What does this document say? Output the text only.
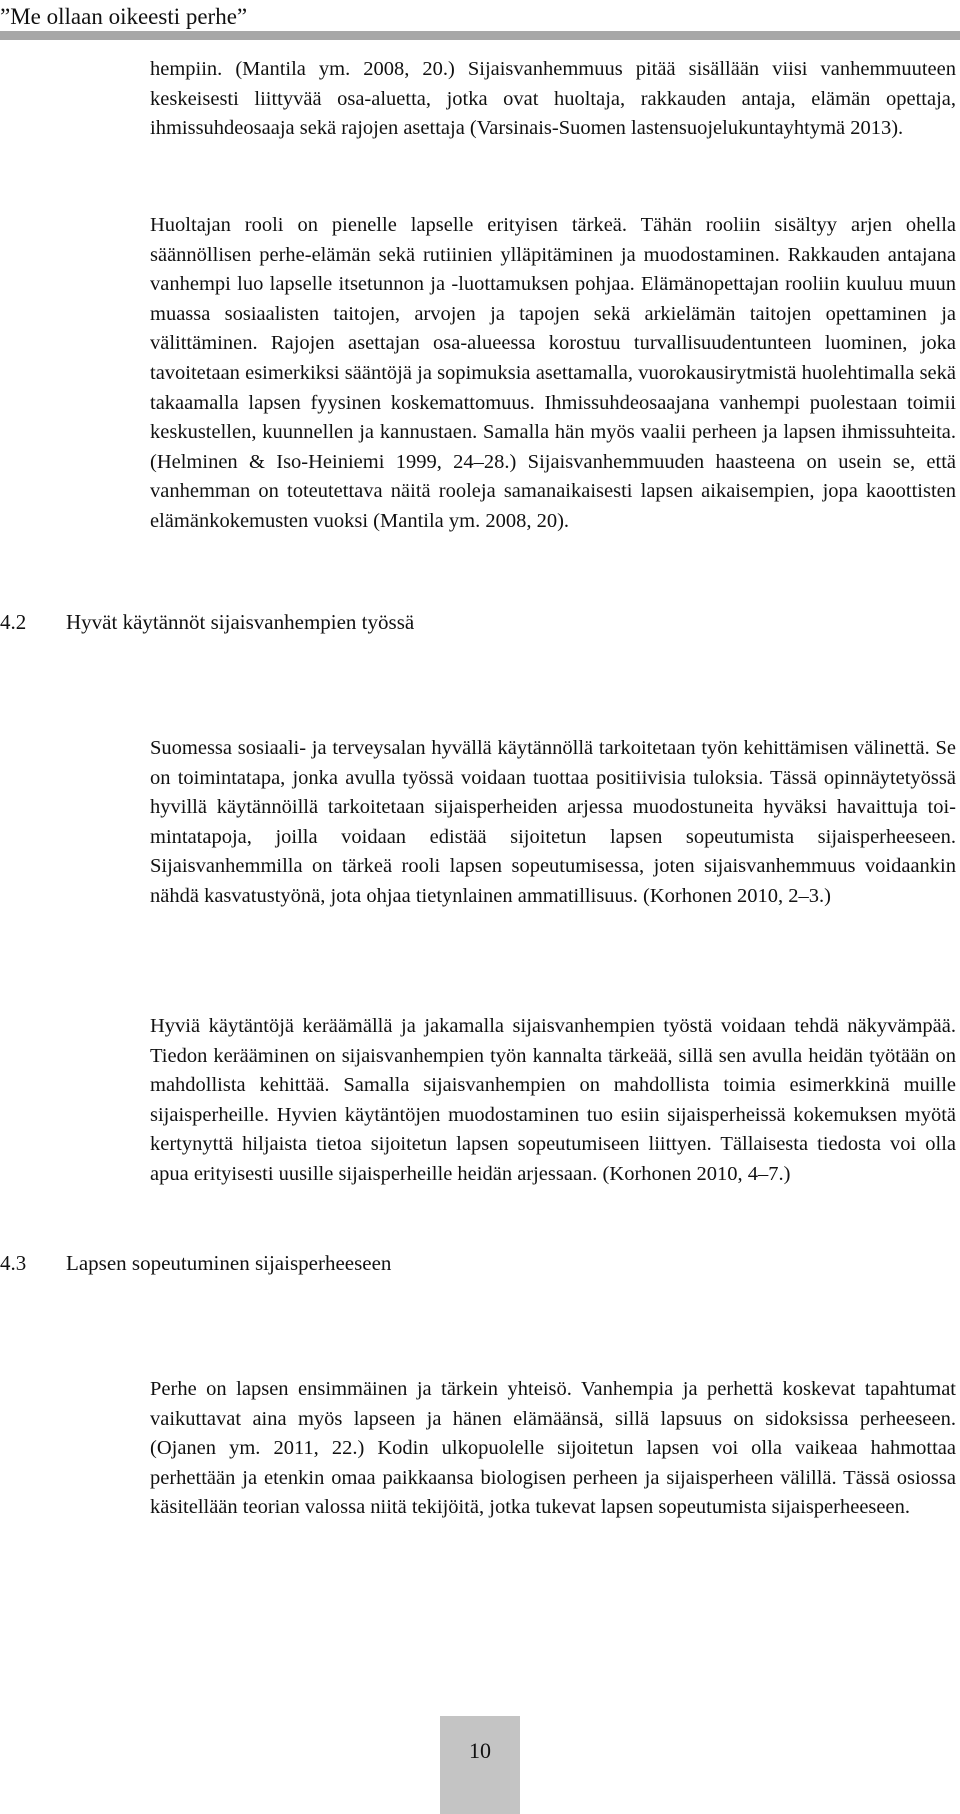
”Me ollaan oikeesti perhe”

hempiin. (Mantila ym. 2008, 20.) Sijaisvanhemmuus pitää sisällään viisi vanhemmuuteen keskeisesti liittyvää osa-aluetta, jotka ovat huoltaja, rakkauden antaja, elämän opettaja, ihmissuhdeosaaja sekä rajojen asettaja (Varsinais-Suomen lastensuojelukuntayhtymä 2013).

Huoltajan rooli on pienelle lapselle erityisen tärkeä. Tähän rooliin sisältyy arjen ohella säännöllisen perhe-elämän sekä rutiinien ylläpitäminen ja muodostaminen. Rakkauden antajana vanhempi luo lapselle itsetunnon ja -luottamuksen pohjaa. Elämänopettajan rooliin kuuluu muun muassa sosiaalisten taitojen, arvojen ja tapojen sekä arkielämän taitojen opettaminen ja välittäminen. Rajojen asettajan osa-alueessa korostuu turvallisuudentunteen luominen, joka tavoitetaan esimerkiksi sääntöjä ja sopimuksia asettamalla, vuorokausirytmistä huolehtimalla sekä takaamalla lapsen fyysinen koskemattomuus. Ihmissuhdeosaajana vanhempi puolestaan toimii keskustellen, kuunnellen ja kannustaen. Samalla hän myös vaalii perheen ja lapsen ihmissuhteita. (Helminen & Iso-Heiniemi 1999, 24–28.) Sijaisvanhemmuuden haasteena on usein se, että vanhemman on toteutettava näitä rooleja samanaikaisesti lapsen aikaisempien, jopa kaoottisten elämänkokemusten vuoksi (Mantila ym. 2008, 20).

4.2 Hyvät käytännöt sijaisvanhempien työssä

Suomessa sosiaali- ja terveysalan hyvällä käytännöllä tarkoitetaan työn kehittämisen välinettä. Se on toimintatapa, jonka avulla työssä voidaan tuottaa positiivisia tuloksia. Tässä opinnäytetyössä hyvillä käytännöillä tarkoitetaan sijaisperheiden arjessa muodostuneita hyväksi havaittuja toimintatapoja, joilla voidaan edistää sijoitetun lapsen sopeutumista sijaisperheeseen. Sijaisvanhemmilla on tärkeä rooli lapsen sopeutumisessa, joten sijaisvanhemmuus voidaankin nähdä kasvatustyönä, jota ohjaa tietynlainen ammatillisuus. (Korhonen 2010, 2–3.)

Hyviä käytäntöjä keräämällä ja jakamalla sijaisvanhempien työstä voidaan tehdä näkyvämpää. Tiedon kerääminen on sijaisvanhempien työn kannalta tärkeää, sillä sen avulla heidän työtään on mahdollista kehittää. Samalla sijaisvanhempien on mahdollista toimia esimerkkinä muille sijaisperheille. Hyvien käytäntöjen muodostaminen tuo esiin sijaisperheissä kokemuksen myötä kertynyttä hiljaista tietoa sijoitetun lapsen sopeutumiseen liittyen. Tällaisesta tiedosta voi olla apua erityisesti uusille sijaisperheille heidän arjessaan. (Korhonen 2010, 4–7.)

4.3 Lapsen sopeutuminen sijaisperheeseen

Perhe on lapsen ensimmäinen ja tärkein yhteisö. Vanhempia ja perhettä koskevat tapahtumat vaikuttavat aina myös lapseen ja hänen elämäänsä, sillä lapsuus on sidoksissa perheeseen. (Ojanen ym. 2011, 22.) Kodin ulkopuolelle sijoitetun lapsen voi olla vaikeaa hahmottaa perhettään ja etenkin omaa paikkaansa biologisen perheen ja sijaisperheen välillä. Tässä osiossa käsitellään teorian valossa niitä tekijöitä, jotka tukevat lapsen sopeutumista sijaisperheeseen.

10
